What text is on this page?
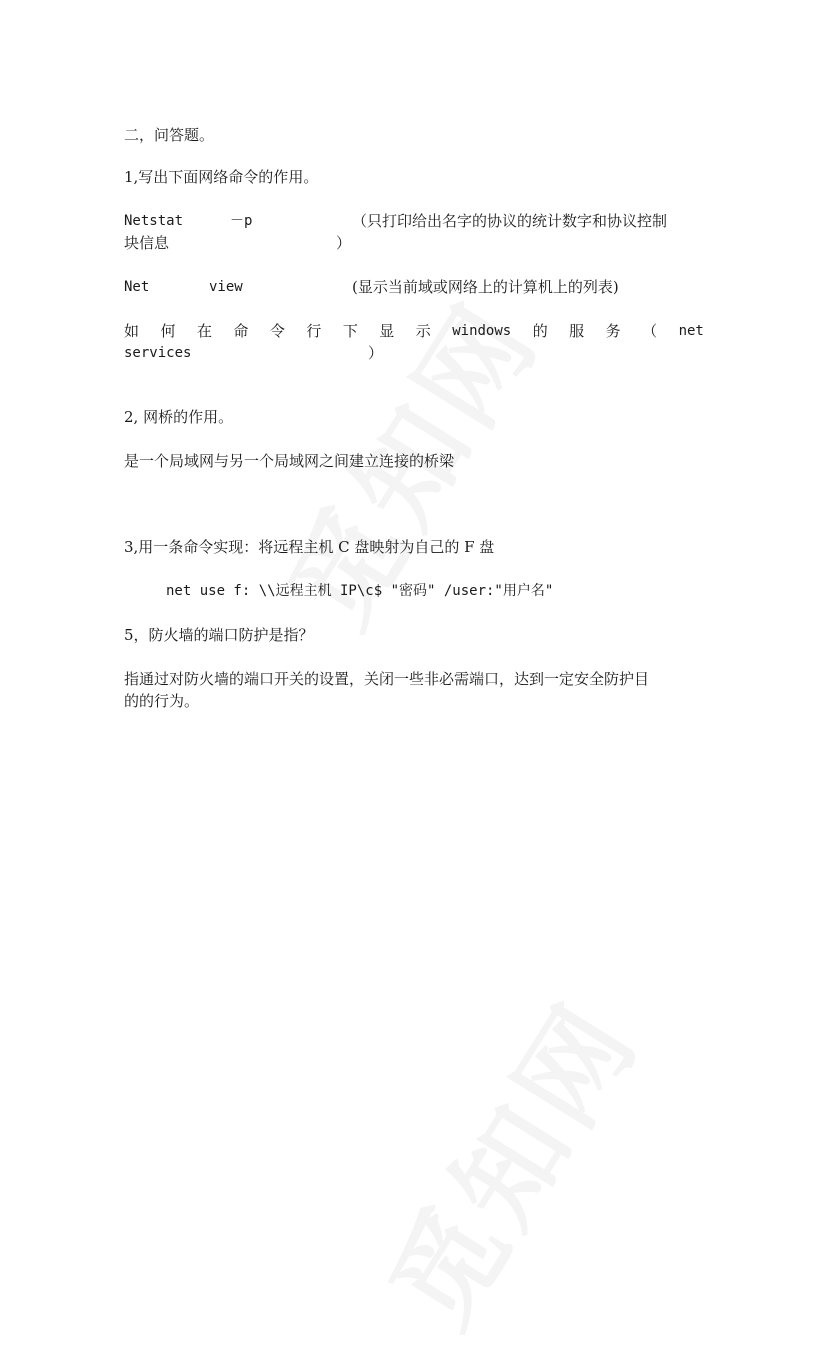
二，问答题。
1,写出下面网络命令的作用。
Netstat	－p	（只打印给出名字的协议的统计数字和协议控制
块信息	）
Net	view	(显示当前域或网络上的计算机上的列表)
如 何 在 命 令 行 下 显 示 windows 的 服 务 （ net
services	）
2, 网桥的作用。
是一个局域网与另一个局域网之间建立连接的桥梁
3,用一条命令实现：将远程主机 C 盘映射为自己的 F 盘
net use f: \\远程主机 IP\c$ "密码" /user:"用户名"
5，防火墙的端口防护是指？
指通过对防火墙的端口开关的设置，关闭一些非必需端口，达到一定安全防护目
的的行为。
